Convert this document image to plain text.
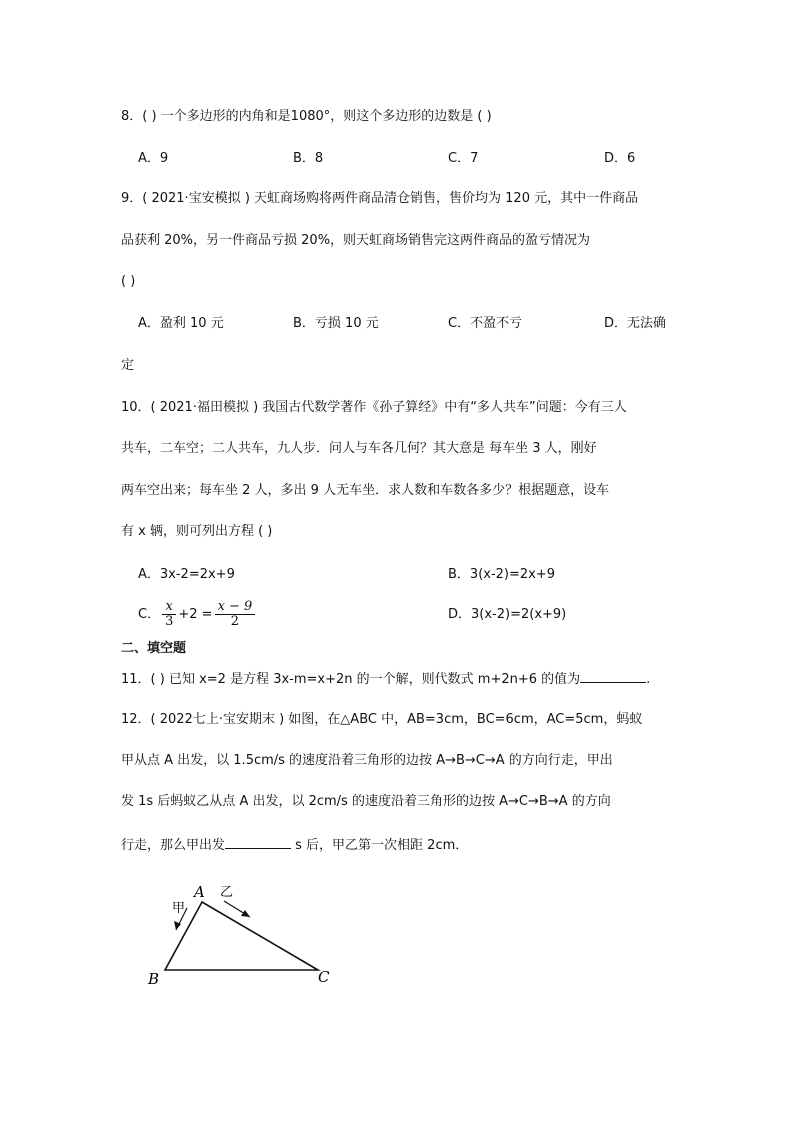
8．( ) 一个多边形的内角和是1080°，则这个多边形的边数是 ( )
A．9	B．8	C．7	D．6
9．( 2021·宝安模拟 ) 天虹商场购将两件商品清仓销售，售价均为 120 元，其中一件商品
品获利 20%，另一件商品亏损 20%，则天虹商场销售完这两件商品的盈亏情况为
( )
A．盈利 10 元	B．亏损 10 元	C．不盈不亏	D．无法确
定
10．( 2021·福田模拟 ) 我国古代数学著作《孙子算经》中有“多人共车”问题：今有三人
共车，二车空；二人共车，九人步．问人与车各几何？其大意是 每车坐 3 人，刚好
两车空出来；每车坐 2 人，多出 9 人无车坐．求人数和车数各多少？根据题意，设车
有 x 辆，则可列出方程 ( )
A．3x-2=2x+9	B．3(x-2)=2x+9
C． $\frac{x}{3} +2 = \frac{x - 9}{2}$	D．3(x-2)=2(x+9)
二、填空题
11．( ) 已知 x=2 是方程 3x-m=x+2n 的一个解，则代数式 m+2n+6 的值为	.
12．( 2022七上·宝安期末 ) 如图，在△ABC 中，AB=3cm，BC=6cm，AC=5cm，蚂蚁
甲从点 A 出发，以 1.5cm/s 的速度沿着三角形的边按 A→B→C→A 的方向行走，甲出
发 1s 后蚂蚁乙从点 A 出发，以 2cm/s 的速度沿着三角形的边按 A→C→B→A 的方向
行走，那么甲出发	s 后，甲乙第一次相距 2cm．
A
B	C
甲
乙
